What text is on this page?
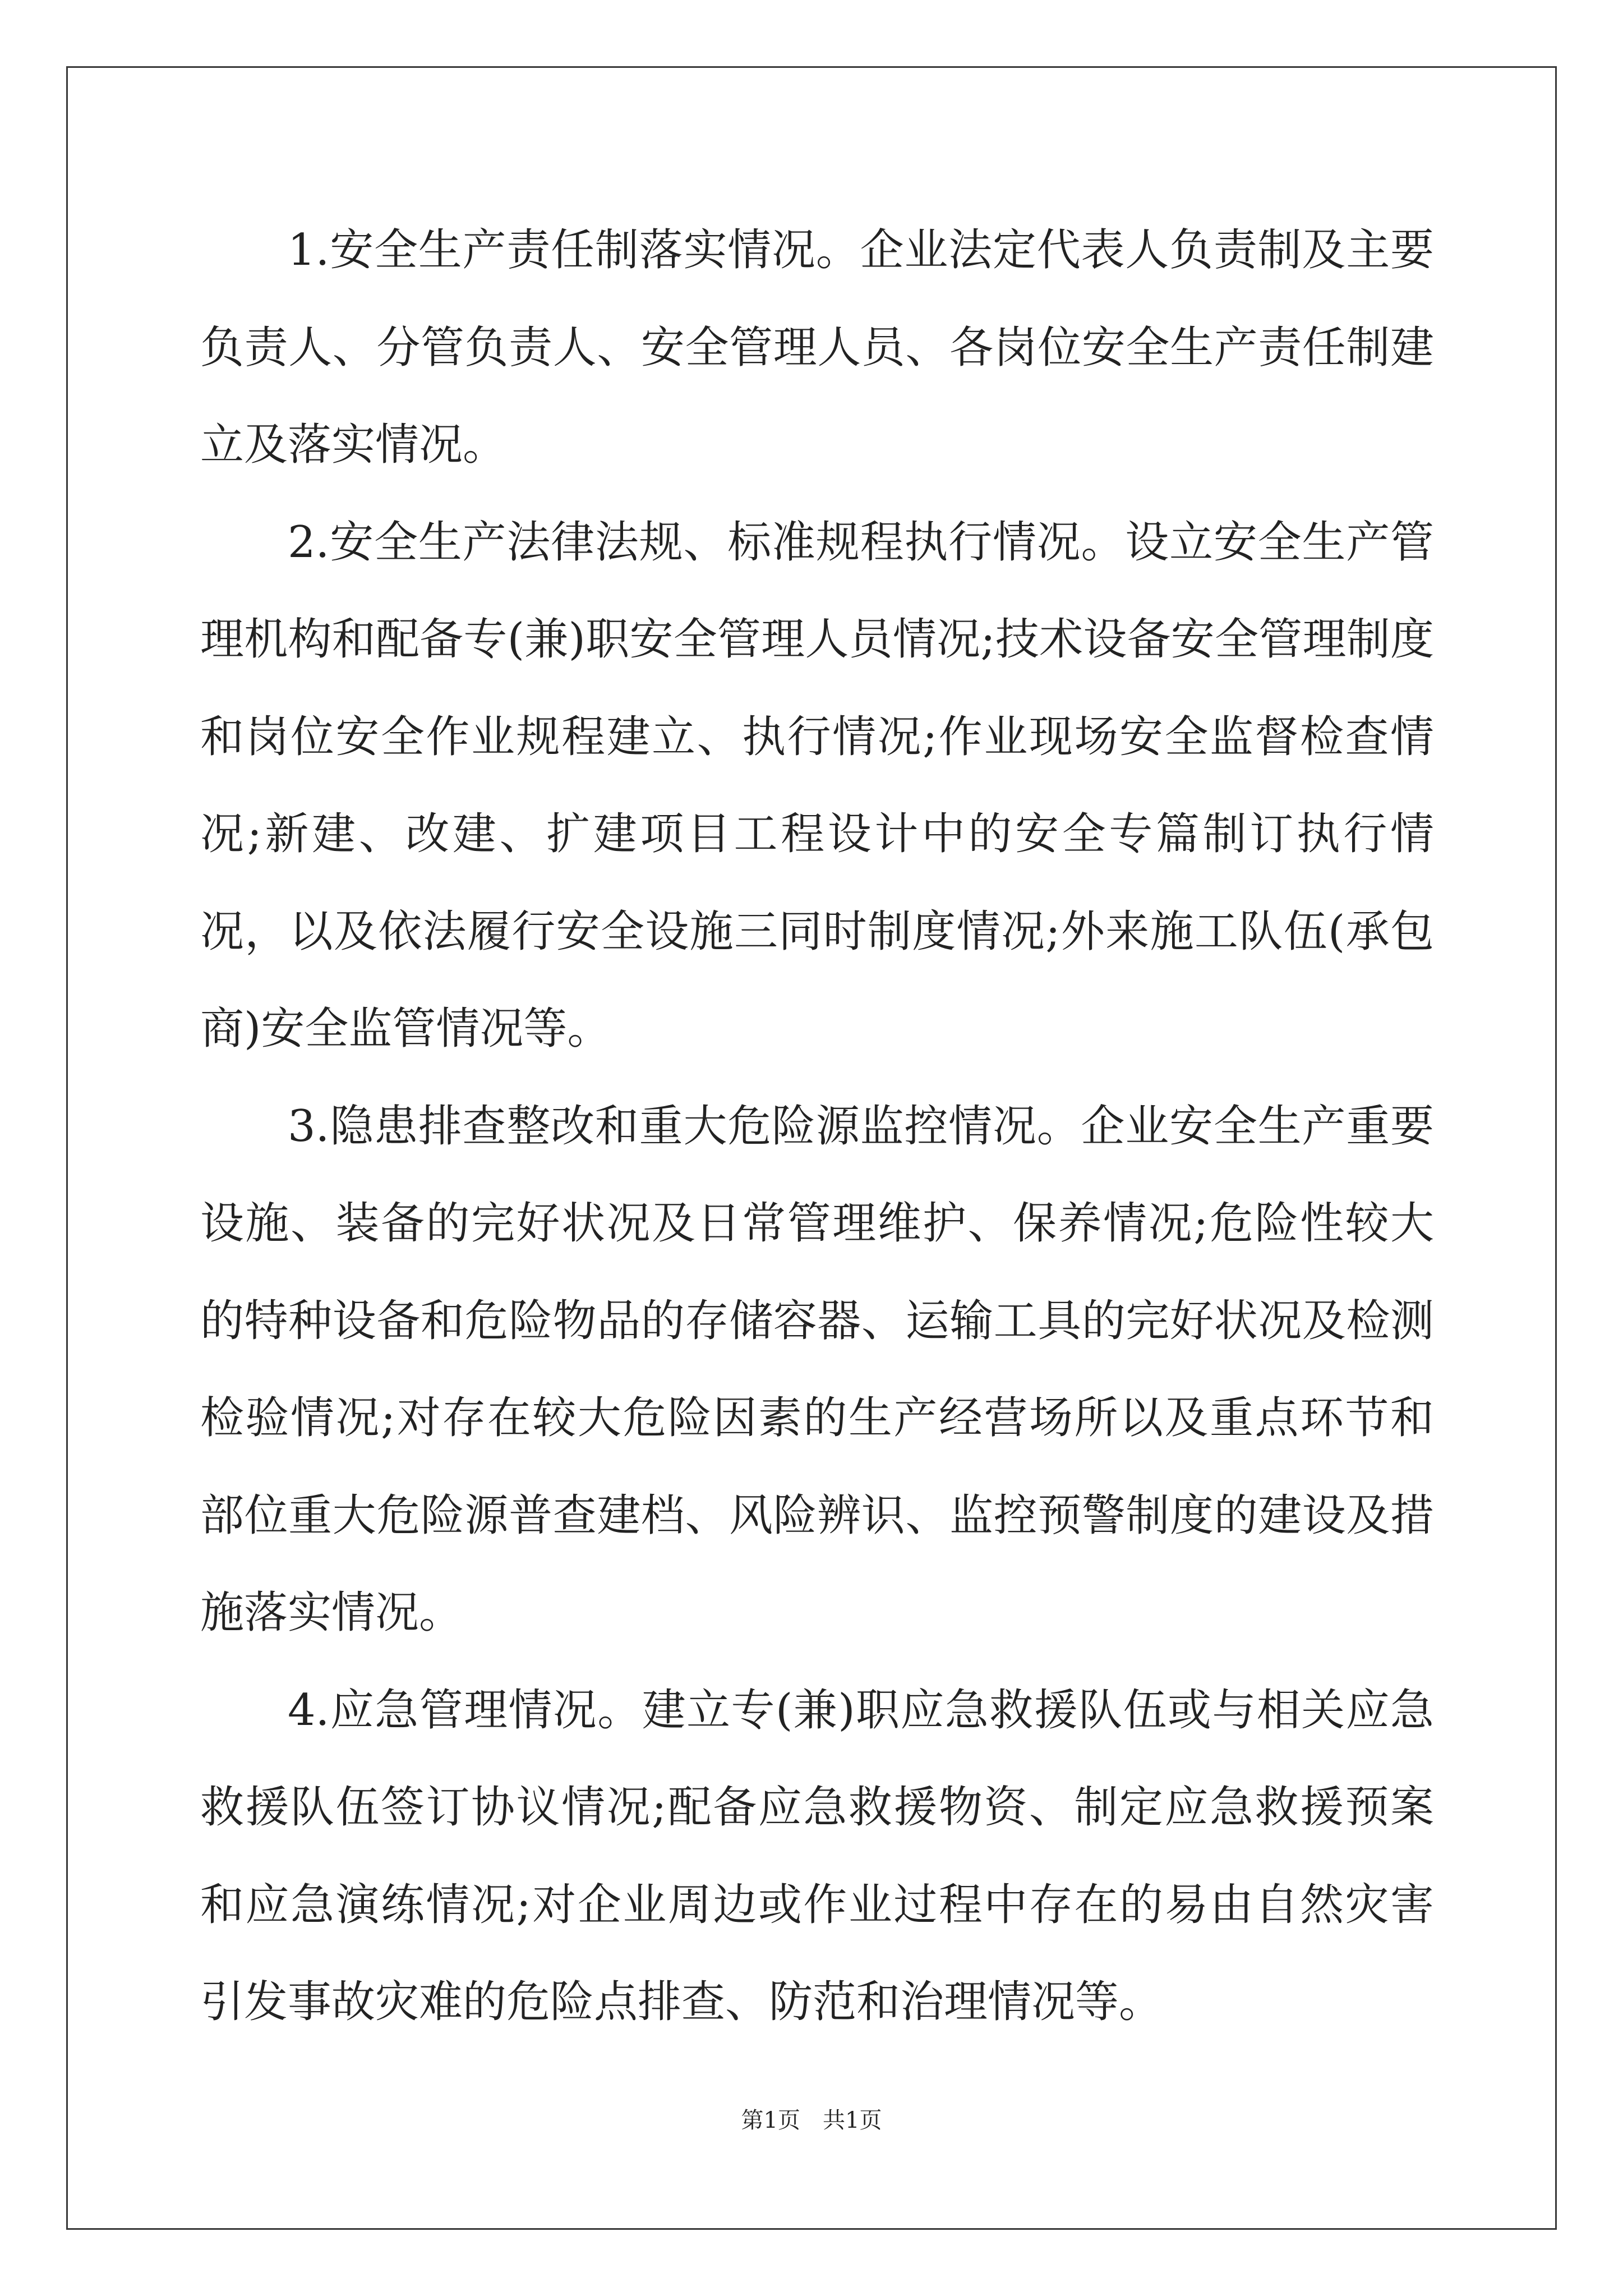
1.安全生产责任制落实情况。企业法定代表人负责制及主要负责人、分管负责人、安全管理人员、各岗位安全生产责任制建立及落实情况。

2.安全生产法律法规、标准规程执行情况。设立安全生产管理机构和配备专(兼)职安全管理人员情况;技术设备安全管理制度和岗位安全作业规程建立、执行情况;作业现场安全监督检查情况;新建、改建、扩建项目工程设计中的安全专篇制订执行情况，以及依法履行安全设施三同时制度情况;外来施工队伍(承包商)安全监管情况等。

3.隐患排查整改和重大危险源监控情况。企业安全生产重要设施、装备的完好状况及日常管理维护、保养情况;危险性较大的特种设备和危险物品的存储容器、运输工具的完好状况及检测检验情况;对存在较大危险因素的生产经营场所以及重点环节和部位重大危险源普查建档、风险辨识、监控预警制度的建设及措施落实情况。

4.应急管理情况。建立专(兼)职应急救援队伍或与相关应急救援队伍签订协议情况;配备应急救援物资、制定应急救援预案和应急演练情况;对企业周边或作业过程中存在的易由自然灾害引发事故灾难的危险点排查、防范和治理情况等。

第1页　共1页
